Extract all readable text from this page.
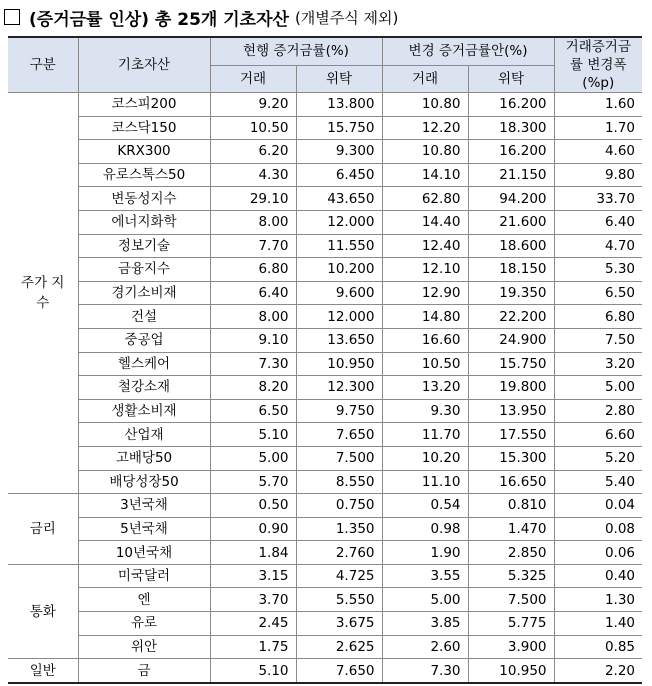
(증거금률 인상) 총 25개 기초자산 (개별주식 제외)
구분	기초자산	현행 증거금률(%)		변경 증거금률안(%)		거래증거금률 변경폭(%p)
		거래	위탁	거래	위탁	
주가 지수	코스피200	9.20	13.800	10.80	16.200	1.60
	코스닥150	10.50	15.750	12.20	18.300	1.70
	KRX300	6.20	9.300	10.80	16.200	4.60
	유로스톡스50	4.30	6.450	14.10	21.150	9.80
	변동성지수	29.10	43.650	62.80	94.200	33.70
	에너지화학	8.00	12.000	14.40	21.600	6.40
	정보기술	7.70	11.550	12.40	18.600	4.70
	금융지수	6.80	10.200	12.10	18.150	5.30
	경기소비재	6.40	9.600	12.90	19.350	6.50
	건설	8.00	12.000	14.80	22.200	6.80
	중공업	9.10	13.650	16.60	24.900	7.50
	헬스케어	7.30	10.950	10.50	15.750	3.20
	철강소재	8.20	12.300	13.20	19.800	5.00
	생활소비재	6.50	9.750	9.30	13.950	2.80
	산업재	5.10	7.650	11.70	17.550	6.60
	고배당50	5.00	7.500	10.20	15.300	5.20
	배당성장50	5.70	8.550	11.10	16.650	5.40
금리	3년국채	0.50	0.750	0.54	0.810	0.04
	5년국채	0.90	1.350	0.98	1.470	0.08
	10년국채	1.84	2.760	1.90	2.850	0.06
통화	미국달러	3.15	4.725	3.55	5.325	0.40
	엔	3.70	5.550	5.00	7.500	1.30
	유로	2.45	3.675	3.85	5.775	1.40
	위안	1.75	2.625	2.60	3.900	0.85
일반	금	5.10	7.650	7.30	10.950	2.20
